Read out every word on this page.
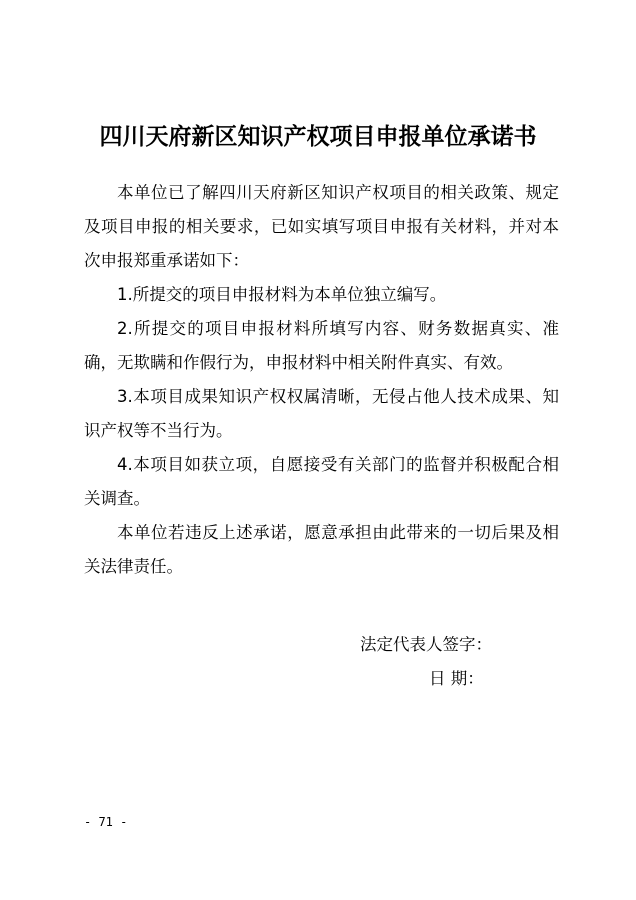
四川天府新区知识产权项目申报单位承诺书

本单位已了解四川天府新区知识产权项目的相关政策、规定及项目申报的相关要求，已如实填写项目申报有关材料，并对本次申报郑重承诺如下：

1.所提交的项目申报材料为本单位独立编写。

2.所提交的项目申报材料所填写内容、财务数据真实、准确，无欺瞒和作假行为，申报材料中相关附件真实、有效。

3.本项目成果知识产权权属清晰，无侵占他人技术成果、知识产权等不当行为。

4.本项目如获立项，自愿接受有关部门的监督并积极配合相关调查。

本单位若违反上述承诺，愿意承担由此带来的一切后果及相关法律责任。

法定代表人签字：
日 期：
- 71 -
